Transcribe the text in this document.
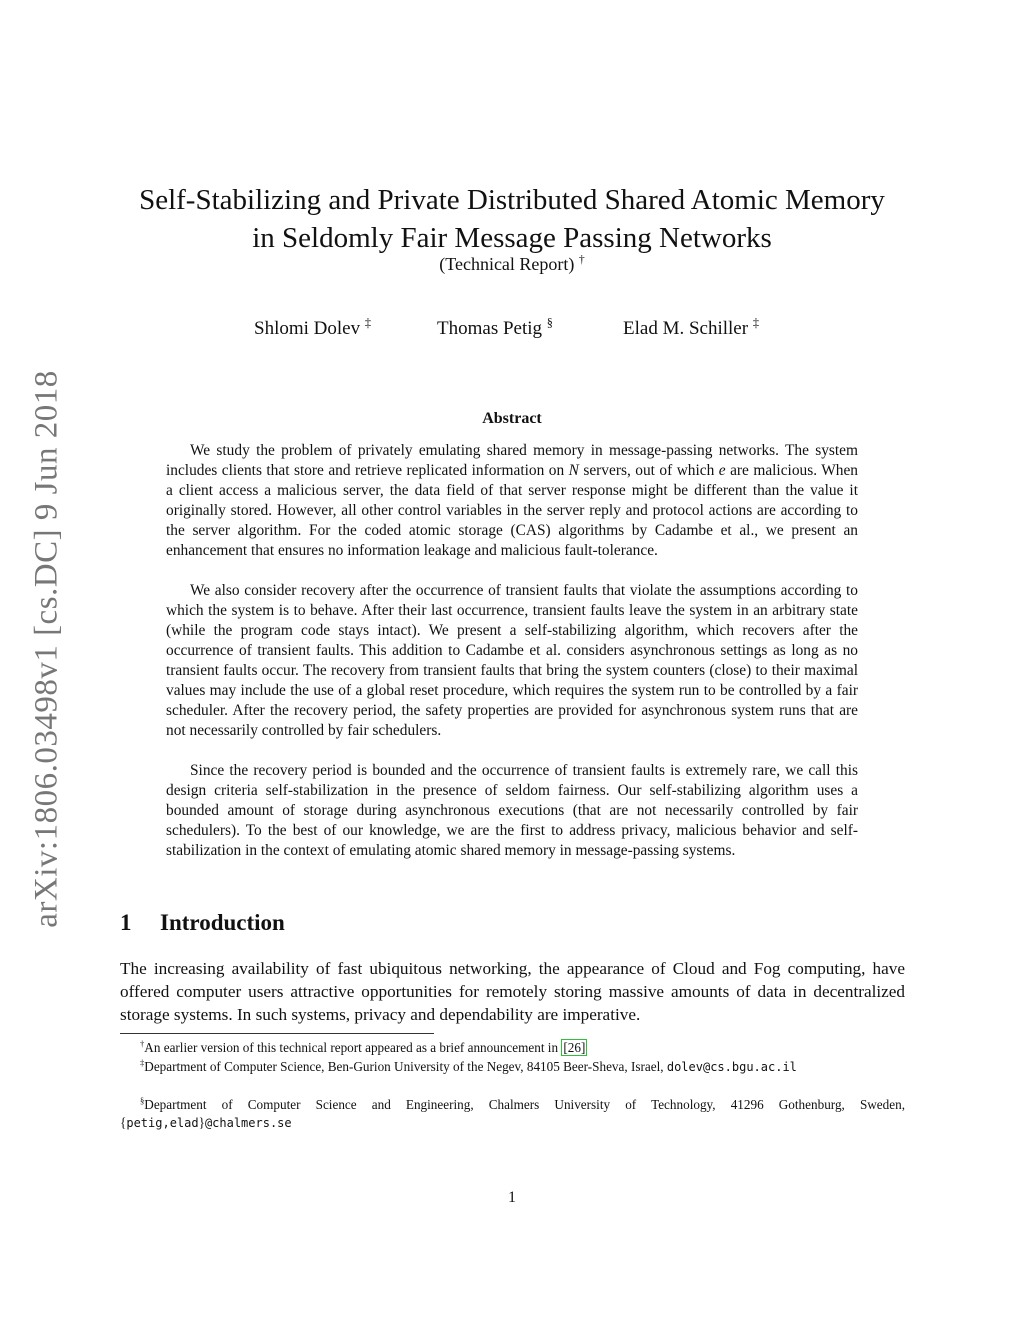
arXiv:1806.03498v1 [cs.DC] 9 Jun 2018
Self-Stabilizing and Private Distributed Shared Atomic Memory
in Seldomly Fair Message Passing Networks
(Technical Report) †
Shlomi Dolev ‡	Thomas Petig §	Elad M. Schiller ‡
Abstract

We study the problem of privately emulating shared memory in message-passing networks. The system includes clients that store and retrieve replicated information on N servers, out of which e are malicious. When a client access a malicious server, the data field of that server response might be different than the value it originally stored. However, all other control variables in the server reply and protocol actions are according to the server algorithm. For the coded atomic storage (CAS) algorithms by Cadambe et al., we present an enhancement that ensures no information leakage and malicious fault-tolerance.

We also consider recovery after the occurrence of transient faults that violate the assumptions according to which the system is to behave. After their last occurrence, transient faults leave the system in an arbitrary state (while the program code stays intact). We present a self-stabilizing algorithm, which recovers after the occurrence of transient faults. This addition to Cadambe et al. considers asynchronous settings as long as no transient faults occur. The recovery from transient faults that bring the system counters (close) to their maximal values may include the use of a global reset procedure, which requires the system run to be controlled by a fair scheduler. After the recovery period, the safety properties are provided for asynchronous system runs that are not necessarily controlled by fair schedulers.

Since the recovery period is bounded and the occurrence of transient faults is extremely rare, we call this design criteria self-stabilization in the presence of seldom fairness. Our self-stabilizing algorithm uses a bounded amount of storage during asynchronous executions (that are not necessarily controlled by fair schedulers). To the best of our knowledge, we are the first to address privacy, malicious behavior and self-stabilization in the context of emulating atomic shared memory in message-passing systems.

1 Introduction

The increasing availability of fast ubiquitous networking, the appearance of Cloud and Fog computing, have offered computer users attractive opportunities for remotely storing massive amounts of data in decentralized storage systems. In such systems, privacy and dependability are imperative.

†An earlier version of this technical report appeared as a brief announcement in [26]

‡Department of Computer Science, Ben-Gurion University of the Negev, 84105 Beer-Sheva, Israel, dolev@cs.bgu.ac.il

§Department of Computer Science and Engineering, Chalmers University of Technology, 41296 Gothenburg, Sweden, {petig,elad}@chalmers.se

1
